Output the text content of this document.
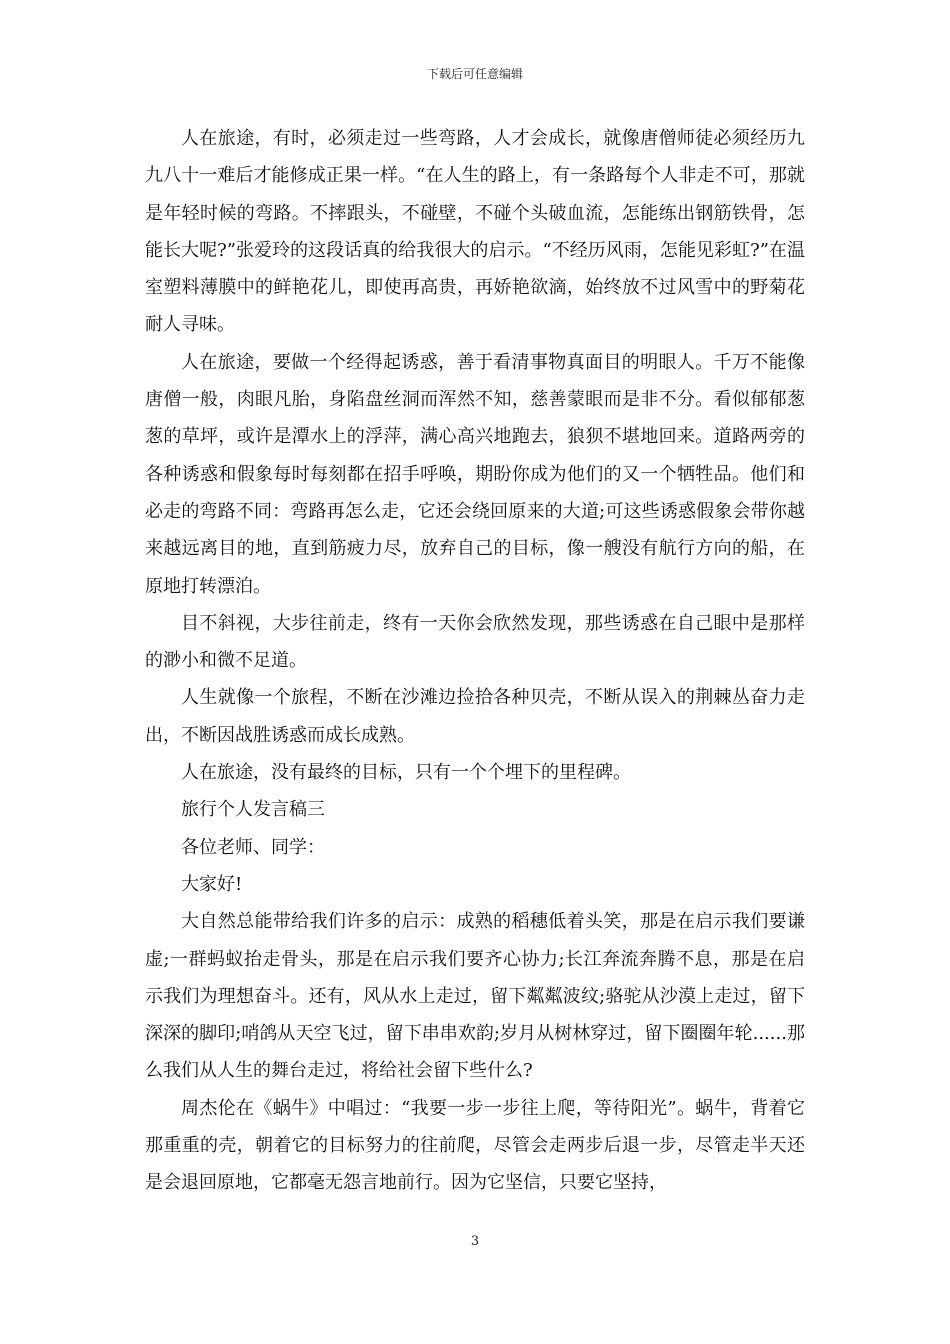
下载后可任意编辑

人在旅途，有时，必须走过一些弯路，人才会成长，就像唐僧师徒必须经历九九八十一难后才能修成正果一样。“在人生的路上，有一条路每个人非走不可，那就是年轻时候的弯路。不摔跟头，不碰壁，不碰个头破血流，怎能练出钢筋铁骨，怎能长大呢?”张爱玲的这段话真的给我很大的启示。“不经历风雨，怎能见彩虹?”在温室塑料薄膜中的鲜艳花儿，即使再高贵，再娇艳欲滴，始终放不过风雪中的野菊花耐人寻味。

人在旅途，要做一个经得起诱惑，善于看清事物真面目的明眼人。千万不能像唐僧一般，肉眼凡胎，身陷盘丝洞而浑然不知，慈善蒙眼而是非不分。看似郁郁葱葱的草坪，或许是潭水上的浮萍，满心高兴地跑去，狼狈不堪地回来。道路两旁的各种诱惑和假象每时每刻都在招手呼唤，期盼你成为他们的又一个牺牲品。他们和必走的弯路不同：弯路再怎么走，它还会绕回原来的大道;可这些诱惑假象会带你越来越远离目的地，直到筋疲力尽，放弃自己的目标，像一艘没有航行方向的船，在原地打转漂泊。

目不斜视，大步往前走，终有一天你会欣然发现，那些诱惑在自己眼中是那样的渺小和微不足道。

人生就像一个旅程，不断在沙滩边捡拾各种贝壳，不断从误入的荆棘丛奋力走出，不断因战胜诱惑而成长成熟。

人在旅途，没有最终的目标，只有一个个埋下的里程碑。

旅行个人发言稿三

各位老师、同学：

大家好!

大自然总能带给我们许多的启示：成熟的稻穗低着头笑，那是在启示我们要谦虚;一群蚂蚁抬走骨头，那是在启示我们要齐心协力;长江奔流奔腾不息，那是在启示我们为理想奋斗。还有，风从水上走过，留下粼粼波纹;骆驼从沙漠上走过，留下深深的脚印;哨鸽从天空飞过，留下串串欢韵;岁月从树林穿过，留下圈圈年轮......那么我们从人生的舞台走过，将给社会留下些什么?

周杰伦在《蜗牛》中唱过：“我要一步一步往上爬，等待阳光”。蜗牛，背着它那重重的壳，朝着它的目标努力的往前爬，尽管会走两步后退一步，尽管走半天还是会退回原地，它都毫无怨言地前行。因为它坚信，只要它坚持，

3
